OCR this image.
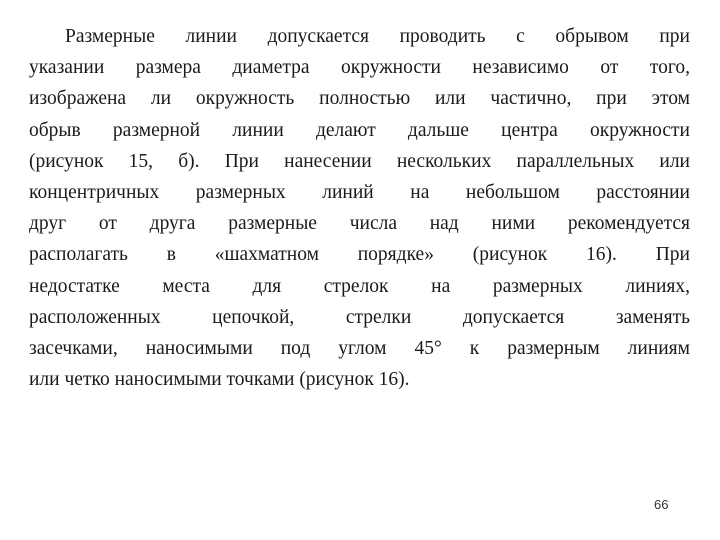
Размерные линии допускается проводить с обрывом при
указании размера диаметра окружности независимо от того,
изображена ли окружность полностью или частично, при этом
обрыв размерной линии делают дальше центра окружности
(рисунок 15, б). При нанесении нескольких параллельных или
концентричных размерных линий на небольшом расстоянии
друг от друга размерные числа над ними рекомендуется
располагать в «шахматном порядке» (рисунок 16). При
недостатке места для стрелок на размерных линиях,
расположенных цепочкой, стрелки допускается заменять
засечками, наносимыми под углом 45° к размерным линиям
или четко наносимыми точками (рисунок 16).
66
